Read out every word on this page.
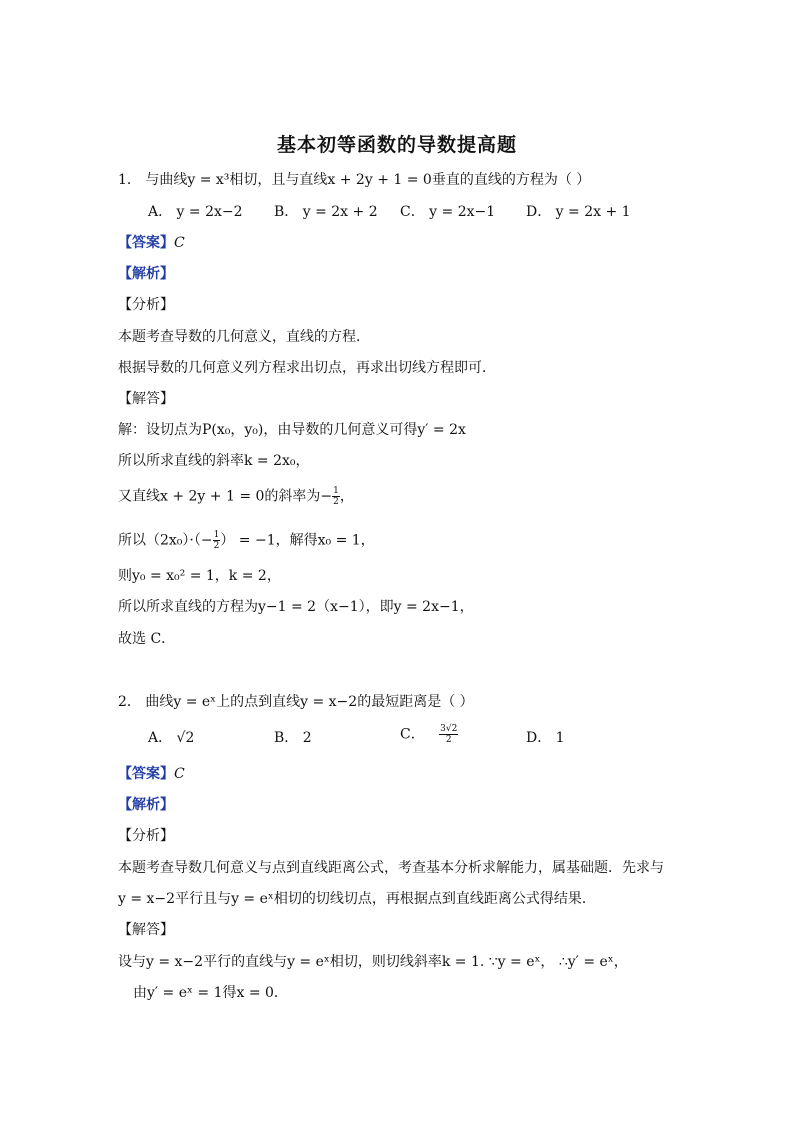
基本初等函数的导数提高题
1． 与曲线y = x³相切，且与直线x + 2y + 1 = 0垂直的直线的方程为（ ）
A． y = 2x−2 B． y = 2x + 2 C． y = 2x−1 D． y = 2x + 1
【答案】C
【解析】
【分析】
本题考查导数的几何意义，直线的方程．
根据导数的几何意义列方程求出切点，再求出切线方程即可．
【解答】
解：设切点为P(x₀，y₀)，由导数的几何意义可得y′ = 2x
所以所求直线的斜率k = 2x₀，
又直线x + 2y + 1 = 0的斜率为− $\frac{1}{2}$ ，
所以$(2x_0)\cdot(- \frac{1}{2}$ ） = −1，解得x₀ = 1，
则y₀ = x₀² = 1，k = 2，
所以所求直线的方程为y−1 = 2（x−1），即y = 2x−1，
故选 C．
2． 曲线y = eˣ上的点到直线y = x−2的最短距离是（ ）
A． √2	B． 2	C． $\frac{3√2}{2}$	D． 1
【答案】C
【解析】
【分析】
本题考查导数几何意义与点到直线距离公式，考查基本分析求解能力，属基础题．先求与
y = x−2平行且与y = eˣ相切的切线切点，再根据点到直线距离公式得结果．
【解答】
设与y = x−2平行的直线与y = eˣ相切，则切线斜率k = 1. ∵y = eˣ， ∴y′ = eˣ，
由y′ = eˣ = 1得x = 0．
